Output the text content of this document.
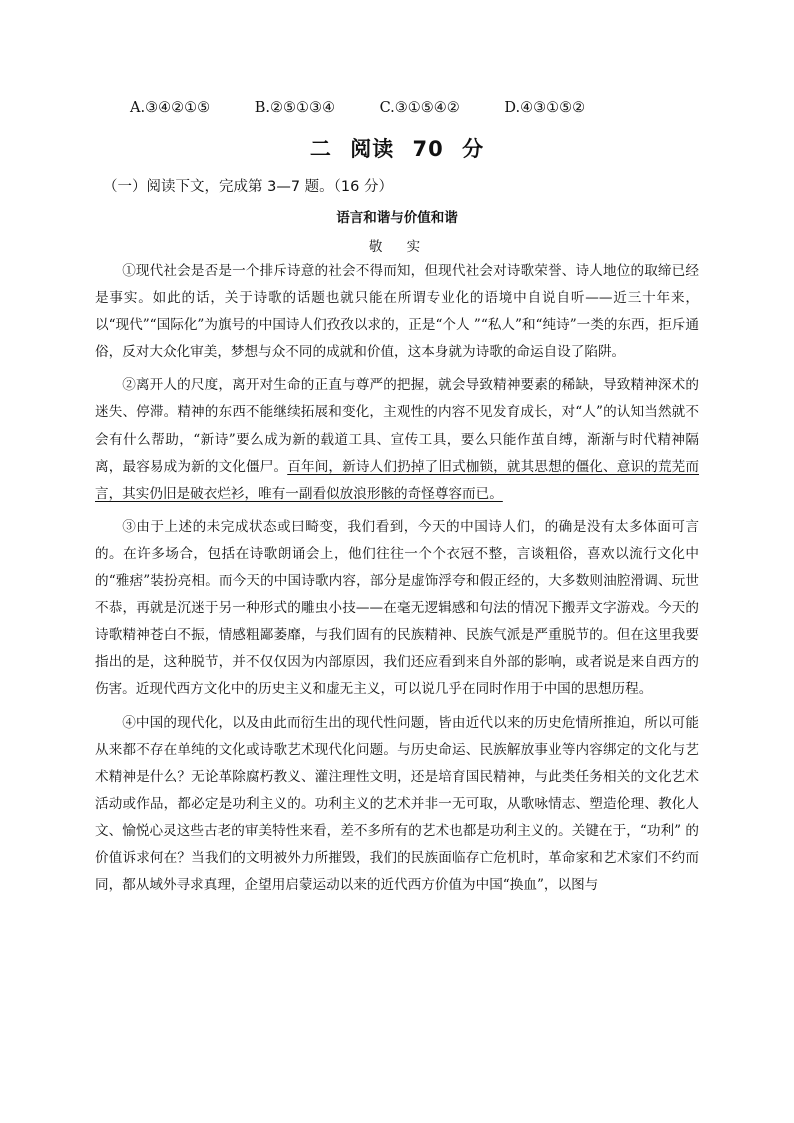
A.③④②①⑤	B.②⑤①③④	C.③①⑤④②	D.④③①⑤②
二 阅读 70 分
（一）阅读下文，完成第 3—7 题。（16 分）
语言和谐与价值和谐
敬 实

①现代社会是否是一个排斥诗意的社会不得而知，但现代社会对诗歌荣誉、诗人地位的取缔已经是事实。如此的话，关于诗歌的话题也就只能在所谓专业化的语境中自说自听——近三十年来，以“现代”“国际化”为旗号的中国诗人们孜孜以求的，正是“个人 ”“私人”和“纯诗”一类的东西，拒斥通俗，反对大众化审美，梦想与众不同的成就和价值，这本身就为诗歌的命运自设了陷阱。

②离开人的尺度，离开对生命的正直与尊严的把握，就会导致精神要素的稀缺，导致精神深术的迷失、停滞。精神的东西不能继续拓展和变化，主观性的内容不见发育成长，对“人”的认知当然就不会有什么帮助，“新诗”要么成为新的载道工具、宣传工具，要么只能作茧自缚，渐渐与时代精神隔离，最容易成为新的文化僵尸。百年间，新诗人们扔掉了旧式枷锁，就其思想的僵化、意识的荒芜而言，其实仍旧是破衣烂衫，唯有一副看似放浪形骸的奇怪尊容而已。

③由于上述的未完成状态或曰畸变，我们看到，今天的中国诗人们，的确是没有太多体面可言的。在许多场合，包括在诗歌朗诵会上，他们往往一个个衣冠不整，言谈粗俗，喜欢以流行文化中的“雅痞”装扮亮相。而今天的中国诗歌内容，部分是虚饰浮夸和假正经的，大多数则油腔滑调、玩世不恭，再就是沉迷于另一种形式的雕虫小技——在毫无逻辑感和句法的情况下搬弄文字游戏。今天的诗歌精神苍白不振，情感粗鄙萎靡，与我们固有的民族精神、民族气派是严重脱节的。但在这里我要指出的是，这种脱节，并不仅仅因为内部原因，我们还应看到来自外部的影响，或者说是来自西方的伤害。近现代西方文化中的历史主义和虚无主义，可以说几乎在同时作用于中国的思想历程。

④中国的现代化，以及由此而衍生出的现代性问题，皆由近代以来的历史危情所推迫，所以可能从来都不存在单纯的文化或诗歌艺术现代化问题。与历史命运、民族解放事业等内容绑定的文化与艺术精神是什么？无论革除腐朽教义、灌注理性文明，还是培育国民精神，与此类任务相关的文化艺术活动或作品，都必定是功利主义的。功利主义的艺术并非一无可取，从歌咏情志、塑造伦理、教化人文、愉悦心灵这些古老的审美特性来看，差不多所有的艺术也都是功利主义的。关键在于，“功利” 的价值诉求何在？当我们的文明被外力所摧毁，我们的民族面临存亡危机时，革命家和艺术家们不约而同，都从域外寻求真理，企望用启蒙运动以来的近代西方价值为中国“换血”，以图与
